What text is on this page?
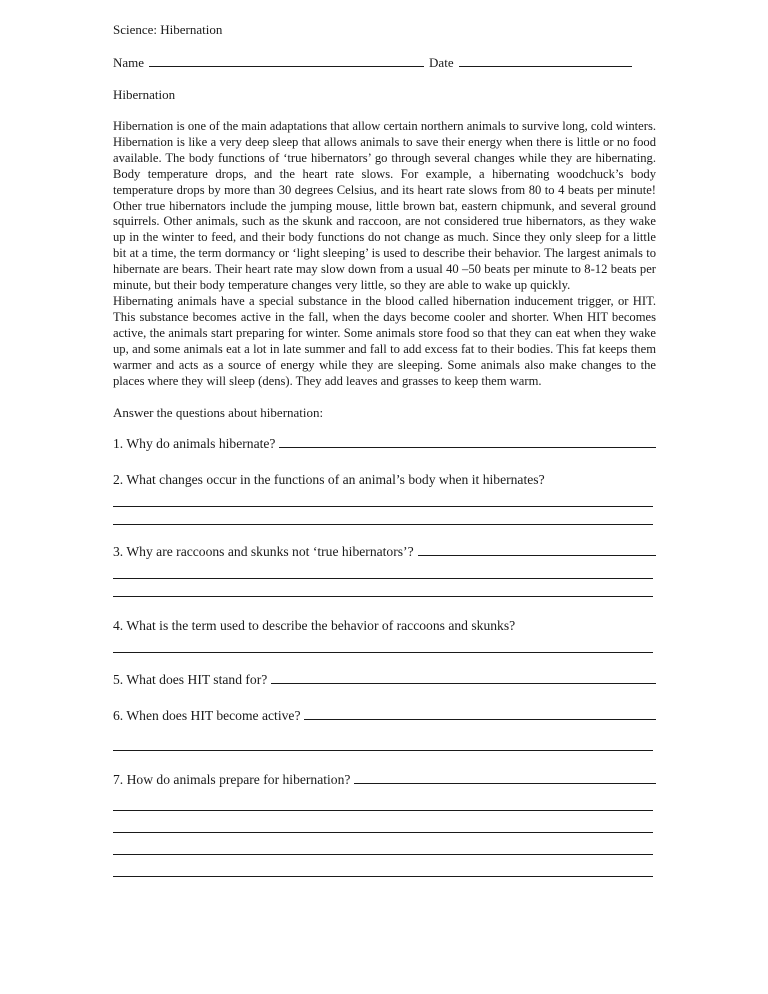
Science: Hibernation
Name	Date
Hibernation

Hibernation is one of the main adaptations that allow certain northern animals to survive long, cold winters. Hibernation is like a very deep sleep that allows animals to save their energy when there is little or no food available. The body functions of ‘true hibernators’ go through several changes while they are hibernating. Body temperature drops, and the heart rate slows. For example, a hibernating woodchuck’s body temperature drops by more than 30 degrees Celsius, and its heart rate slows from 80 to 4 beats per minute! Other true hibernators include the jumping mouse, little brown bat, eastern chipmunk, and several ground squirrels. Other animals, such as the skunk and raccoon, are not considered true hibernators, as they wake up in the winter to feed, and their body functions do not change as much. Since they only sleep for a little bit at a time, the term dormancy or ‘light sleeping’ is used to describe their behavior. The largest animals to hibernate are bears. Their heart rate may slow down from a usual 40 –50 beats per minute to 8-12 beats per minute, but their body temperature changes very little, so they are able to wake up quickly.

Hibernating animals have a special substance in the blood called hibernation inducement trigger, or HIT. This substance becomes active in the fall, when the days become cooler and shorter. When HIT becomes active, the animals start preparing for winter. Some animals store food so that they can eat when they wake up, and some animals eat a lot in late summer and fall to add excess fat to their bodies. This fat keeps them warmer and acts as a source of energy while they are sleeping. Some animals also make changes to the places where they will sleep (dens). They add leaves and grasses to keep them warm.

Answer the questions about hibernation:
1. Why do animals hibernate?
2. What changes occur in the functions of an animal’s body when it hibernates?
3. Why are raccoons and skunks not ‘true hibernators’?
4. What is the term used to describe the behavior of raccoons and skunks?
5. What does HIT stand for?
6. When does HIT become active?
7. How do animals prepare for hibernation?
